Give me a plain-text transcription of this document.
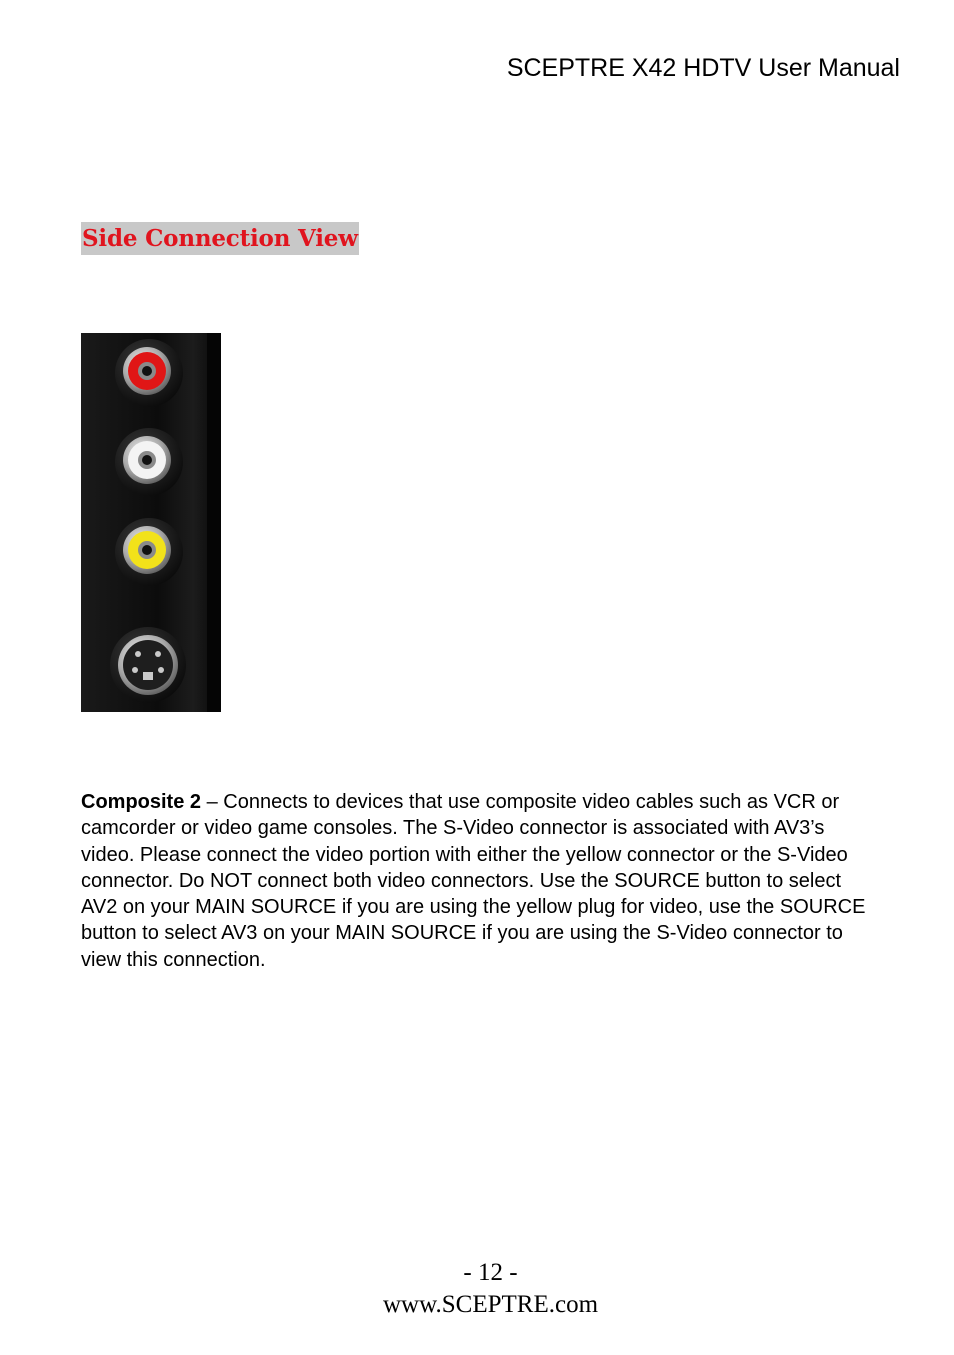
SCEPTRE X42 HDTV User Manual
Side Connection View
Composite 2 – Connects to devices that use composite video cables such as VCR or camcorder or video game consoles. The S-Video connector is associated with AV3’s video. Please connect the video portion with either the yellow connector or the S-Video connector. Do NOT connect both video connectors. Use the SOURCE button to select AV2 on your MAIN SOURCE if you are using the yellow plug for video, use the SOURCE button to select AV3 on your MAIN SOURCE if you are using the S-Video connector to view this connection.
- 12 -
www.SCEPTRE.com
